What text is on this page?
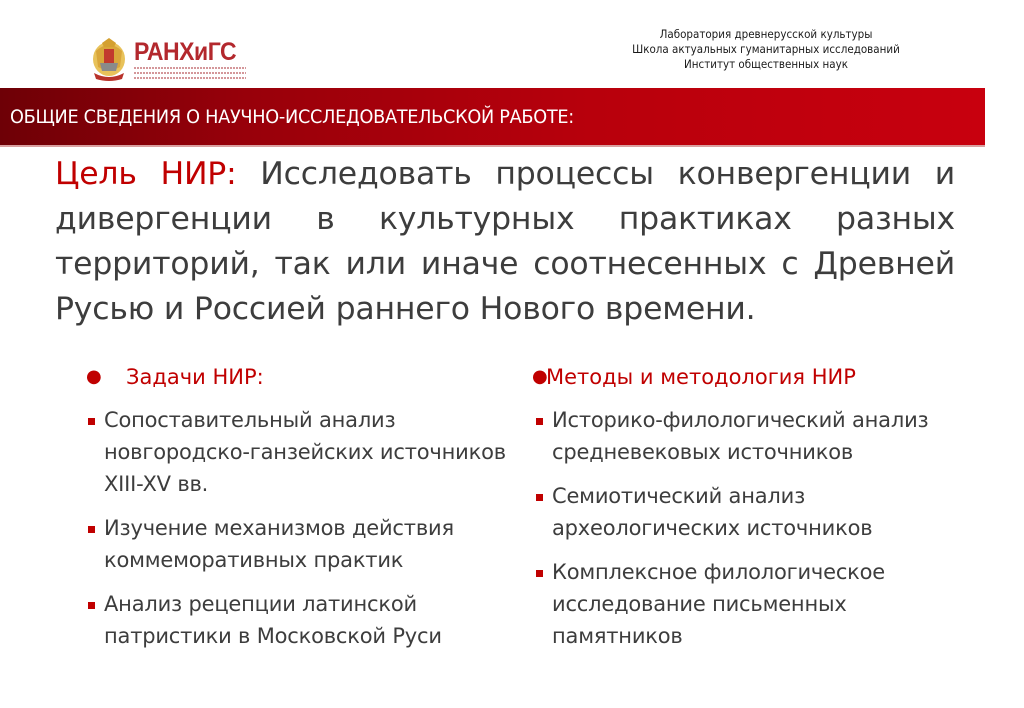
РАНХиГС
Лаборатория древнерусской культуры
Школа актуальных гуманитарных исследований
Институт общественных наук
ОБЩИЕ СВЕДЕНИЯ О НАУЧНО-ИССЛЕДОВАТЕЛЬСКОЙ РАБОТЕ:
Цель НИР: Исследовать процессы конвергенции и дивергенции в культурных практиках разных территорий, так или иначе соотнесенных с Древней Русью и Россией раннего Нового времени.
●	Задачи НИР:
Сопоставительный анализ новгородско-ганзейских источников XIII-XV вв.
Изучение механизмов действия коммеморативных практик
Анализ рецепции латинской патристики в Московской Руси
●
Методы и методология НИР
Историко-филологический анализ средневековых источников
Семиотический анализ археологических источников
Комплексное филологическое исследование письменных памятников
